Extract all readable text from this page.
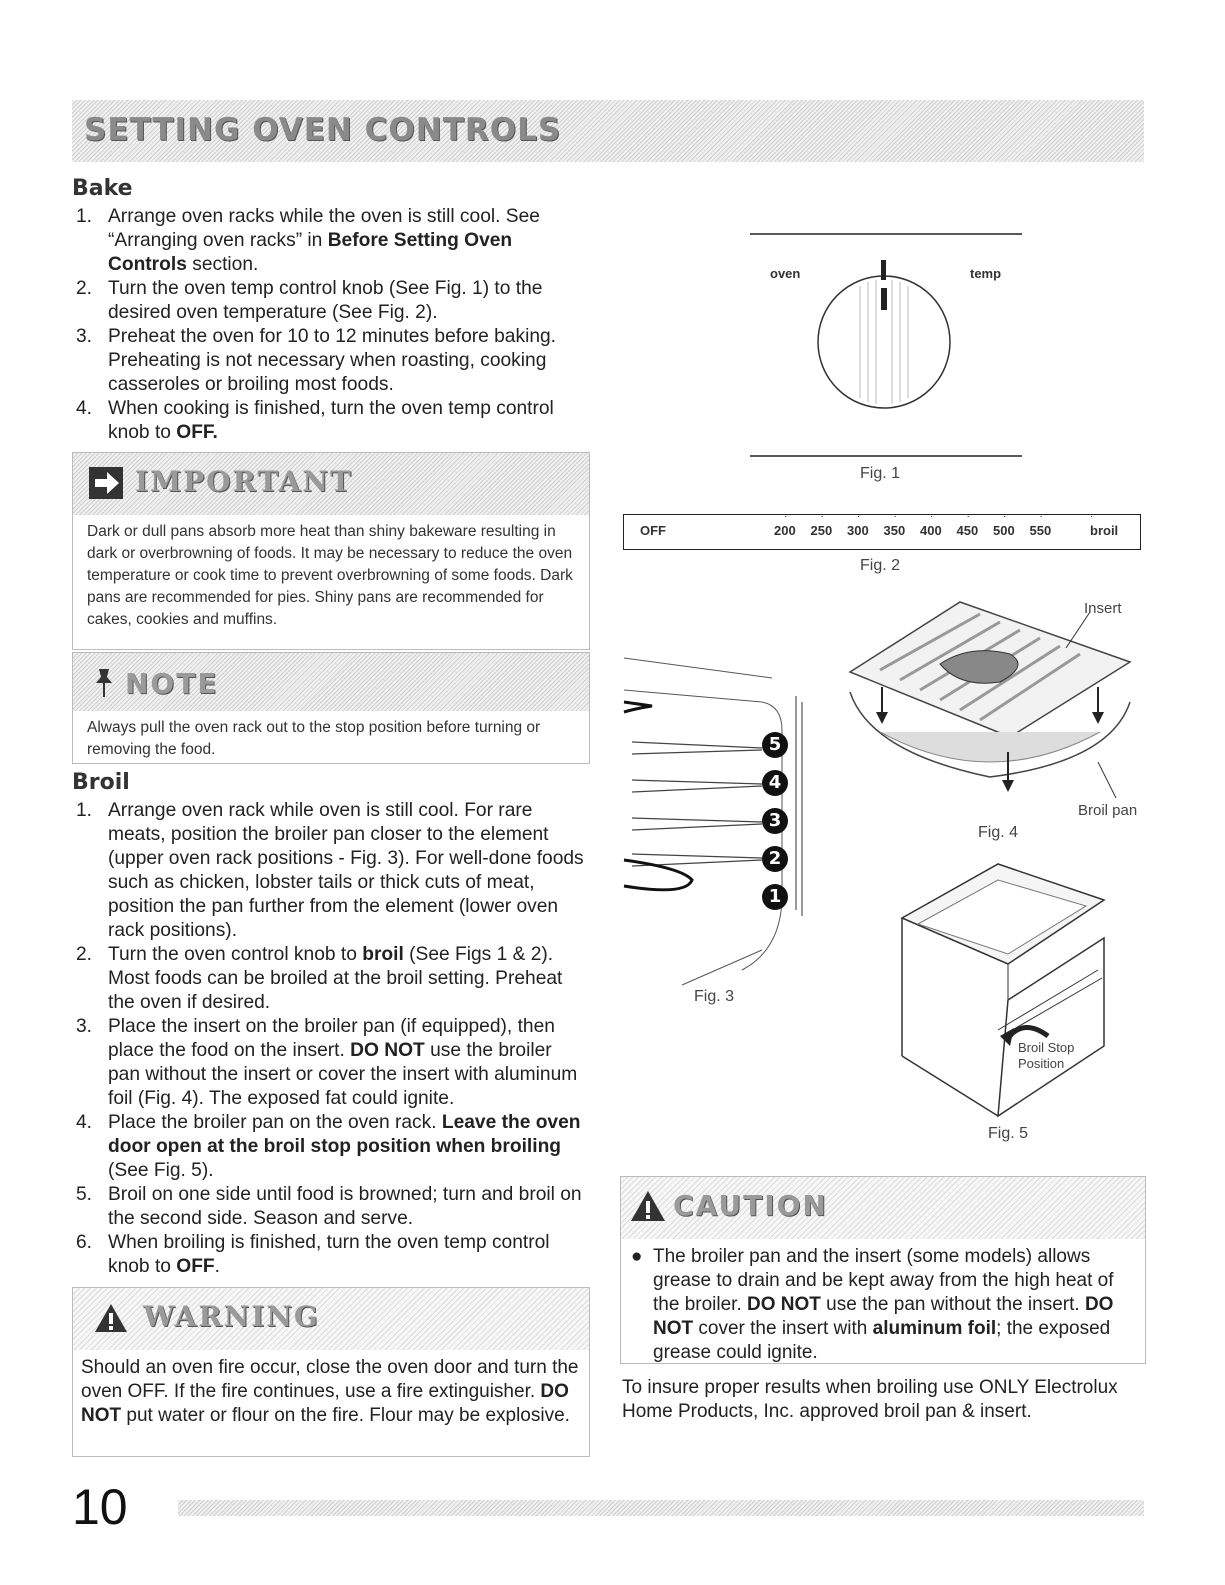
SETTING OVEN CONTROLS
Bake
1. Arrange oven racks while the oven is still cool. See “Arranging oven racks” in Before Setting Oven Controls section.
2. Turn the oven temp control knob (See Fig. 1) to the desired oven temperature (See Fig. 2).
3. Preheat the oven for 10 to 12 minutes before baking. Preheating is not necessary when roasting, cooking casseroles or broiling most foods.
4. When cooking is finished, turn the oven temp control knob to OFF.
IMPORTANT
Dark or dull pans absorb more heat than shiny bakeware resulting in dark or overbrowning of foods. It may be necessary to reduce the oven temperature or cook time to prevent overbrowning of some foods. Dark pans are recommended for pies. Shiny pans are recommended for cakes, cookies and muffins.
NOTE
Always pull the oven rack out to the stop position before turning or removing the food.
Broil
1. Arrange oven rack while oven is still cool. For rare meats, position the broiler pan closer to the element (upper oven rack positions - Fig. 3). For well-done foods such as chicken, lobster tails or thick cuts of meat, position the pan further from the element (lower oven rack positions).
2. Turn the oven control knob to broil (See Figs 1 & 2). Most foods can be broiled at the broil setting. Preheat the oven if desired.
3. Place the insert on the broiler pan (if equipped), then place the food on the insert. DO NOT use the broiler pan without the insert or cover the insert with aluminum foil (Fig. 4). The exposed fat could ignite.
4. Place the broiler pan on the oven rack. Leave the oven door open at the broil stop position when broiling (See Fig. 5).
5. Broil on one side until food is browned; turn and broil on the second side. Season and serve.
6. When broiling is finished, turn the oven temp control knob to OFF.
WARNING
Should an oven fire occur, close the oven door and turn the oven OFF. If the fire continues, use a fire extinguisher. DO NOT put water or flour on the fire. Flour may be explosive.
oven	temp
Fig. 1
OFF
·
200
·
250
·
300
·
350
·
400
·
450
·
500
·
550
·
broil
Fig. 2
5
4
3
2
1
Fig. 3
Insert
Broil pan
Fig. 4
Broil Stop
Position
Fig. 5
CAUTION
● The broiler pan and the insert (some models) allows grease to drain and be kept away from the high heat of the broiler. DO NOT use the pan without the insert. DO NOT cover the insert with aluminum foil; the exposed grease could ignite.
To insure proper results when broiling use ONLY Electrolux Home Products, Inc. approved broil pan & insert.
10
